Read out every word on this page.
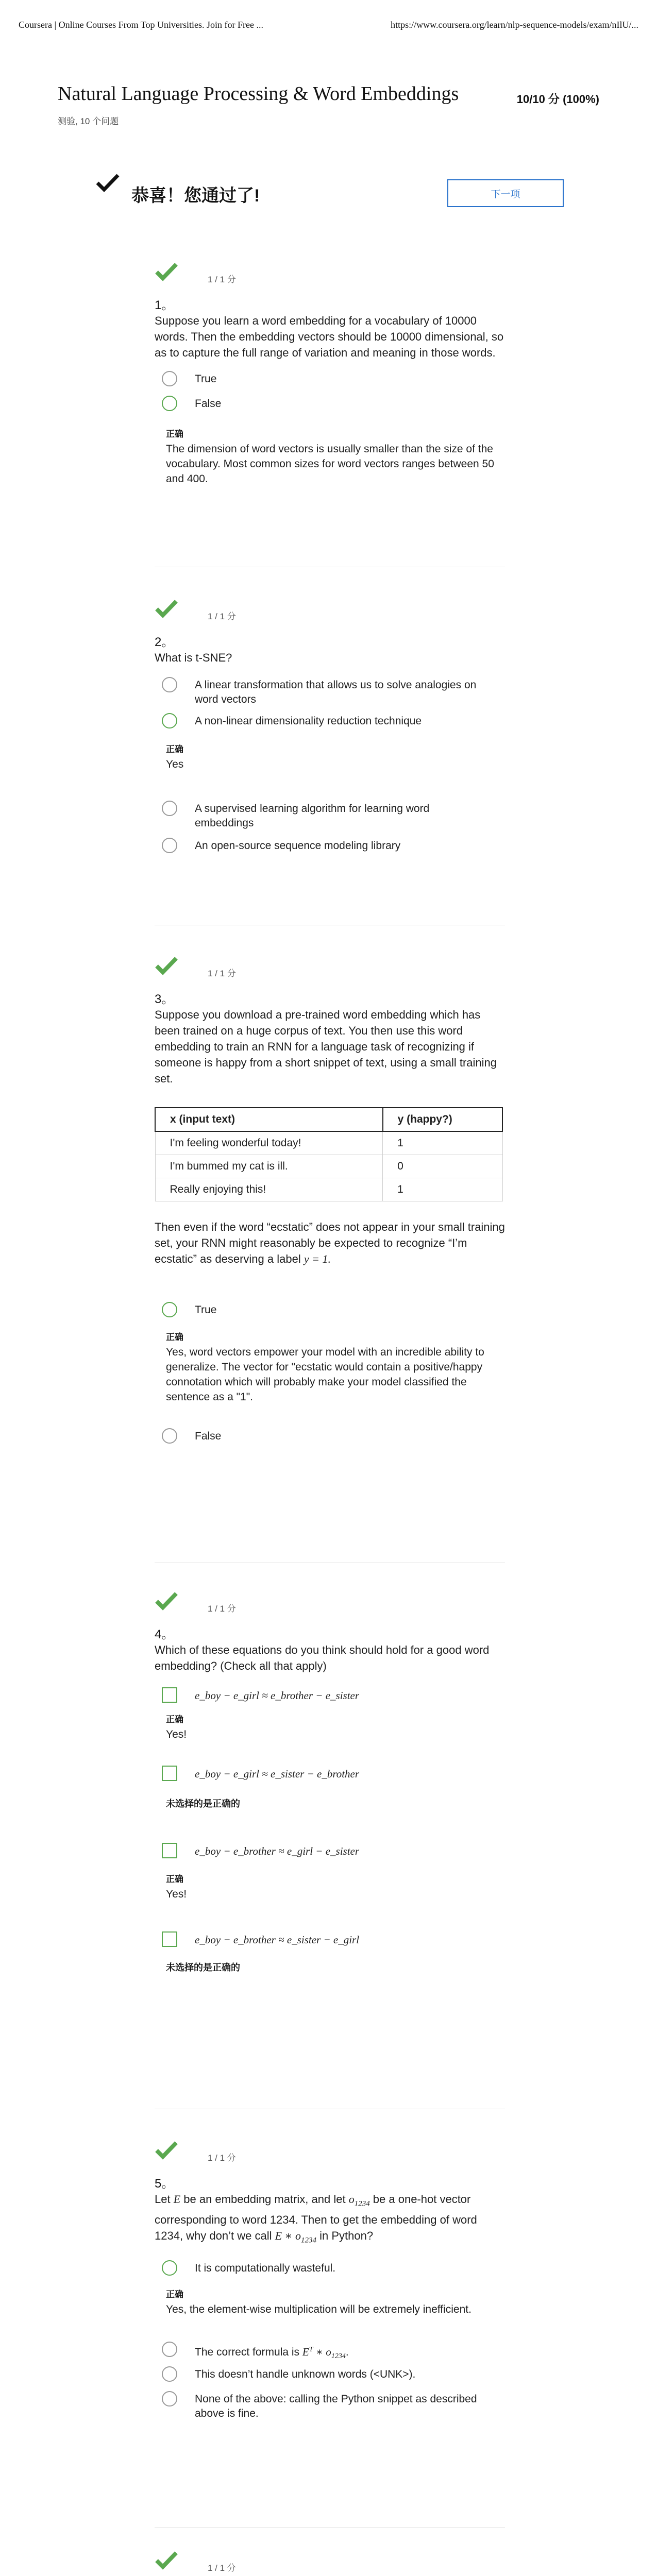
Coursera | Online Courses From Top Universities. Join for Free ...	https://www.coursera.org/learn/nlp-sequence-models/exam/nIlU/...
Natural Language Processing & Word Embeddings
测验, 10 个问题
10/10 分 (100%)
恭喜！您通过了!	下一项
1 / 1 分
1。
Suppose you learn a word embedding for a vocabulary of 10000 words. Then the embedding vectors should be 10000 dimensional, so as to capture the full range of variation and meaning in those words.
True
False
正确
The dimension of word vectors is usually smaller than the size of the vocabulary. Most common sizes for word vectors ranges between 50 and 400.
1 / 1 分
2。
What is t-SNE?
A linear transformation that allows us to solve analogies on word vectors
A non-linear dimensionality reduction technique
正确
Yes
A supervised learning algorithm for learning word embeddings
An open-source sequence modeling library
1 / 1 分
3。
Suppose you download a pre-trained word embedding which has been trained on a huge corpus of text. You then use this word embedding to train an RNN for a language task of recognizing if someone is happy from a short snippet of text, using a small training set.
x (input text)	y (happy?)
I'm feeling wonderful today!	1
I'm bummed my cat is ill.	0
Really enjoying this!	1
Then even if the word “ecstatic” does not appear in your small training set, your RNN might reasonably be expected to recognize “I’m ecstatic” as deserving a label y = 1.
True
正确
Yes, word vectors empower your model with an incredible ability to generalize. The vector for "ecstatic would contain a positive/happy connotation which will probably make your model classified the sentence as a "1".
False
1 / 1 分
4。
Which of these equations do you think should hold for a good word embedding? (Check all that apply)
e_boy − e_girl ≈ e_brother − e_sister
正确
Yes!
e_boy − e_girl ≈ e_sister − e_brother
未选择的是正确的
e_boy − e_brother ≈ e_girl − e_sister
正确
Yes!
e_boy − e_brother ≈ e_sister − e_girl
未选择的是正确的
1 / 1 分
5。
Let E be an embedding matrix, and let $o_{1234}$ be a one-hot vector corresponding to word 1234. Then to get the embedding of word 1234, why don’t we call E ∗ $o_{1234}$ in Python?
It is computationally wasteful.
正确
Yes, the element-wise multiplication will be extremely inefficient.
The correct formula is $E^T$ ∗ $o_{1234}$.
This doesn’t handle unknown words (<UNK>).
None of the above: calling the Python snippet as described above is fine.
1 / 1 分
